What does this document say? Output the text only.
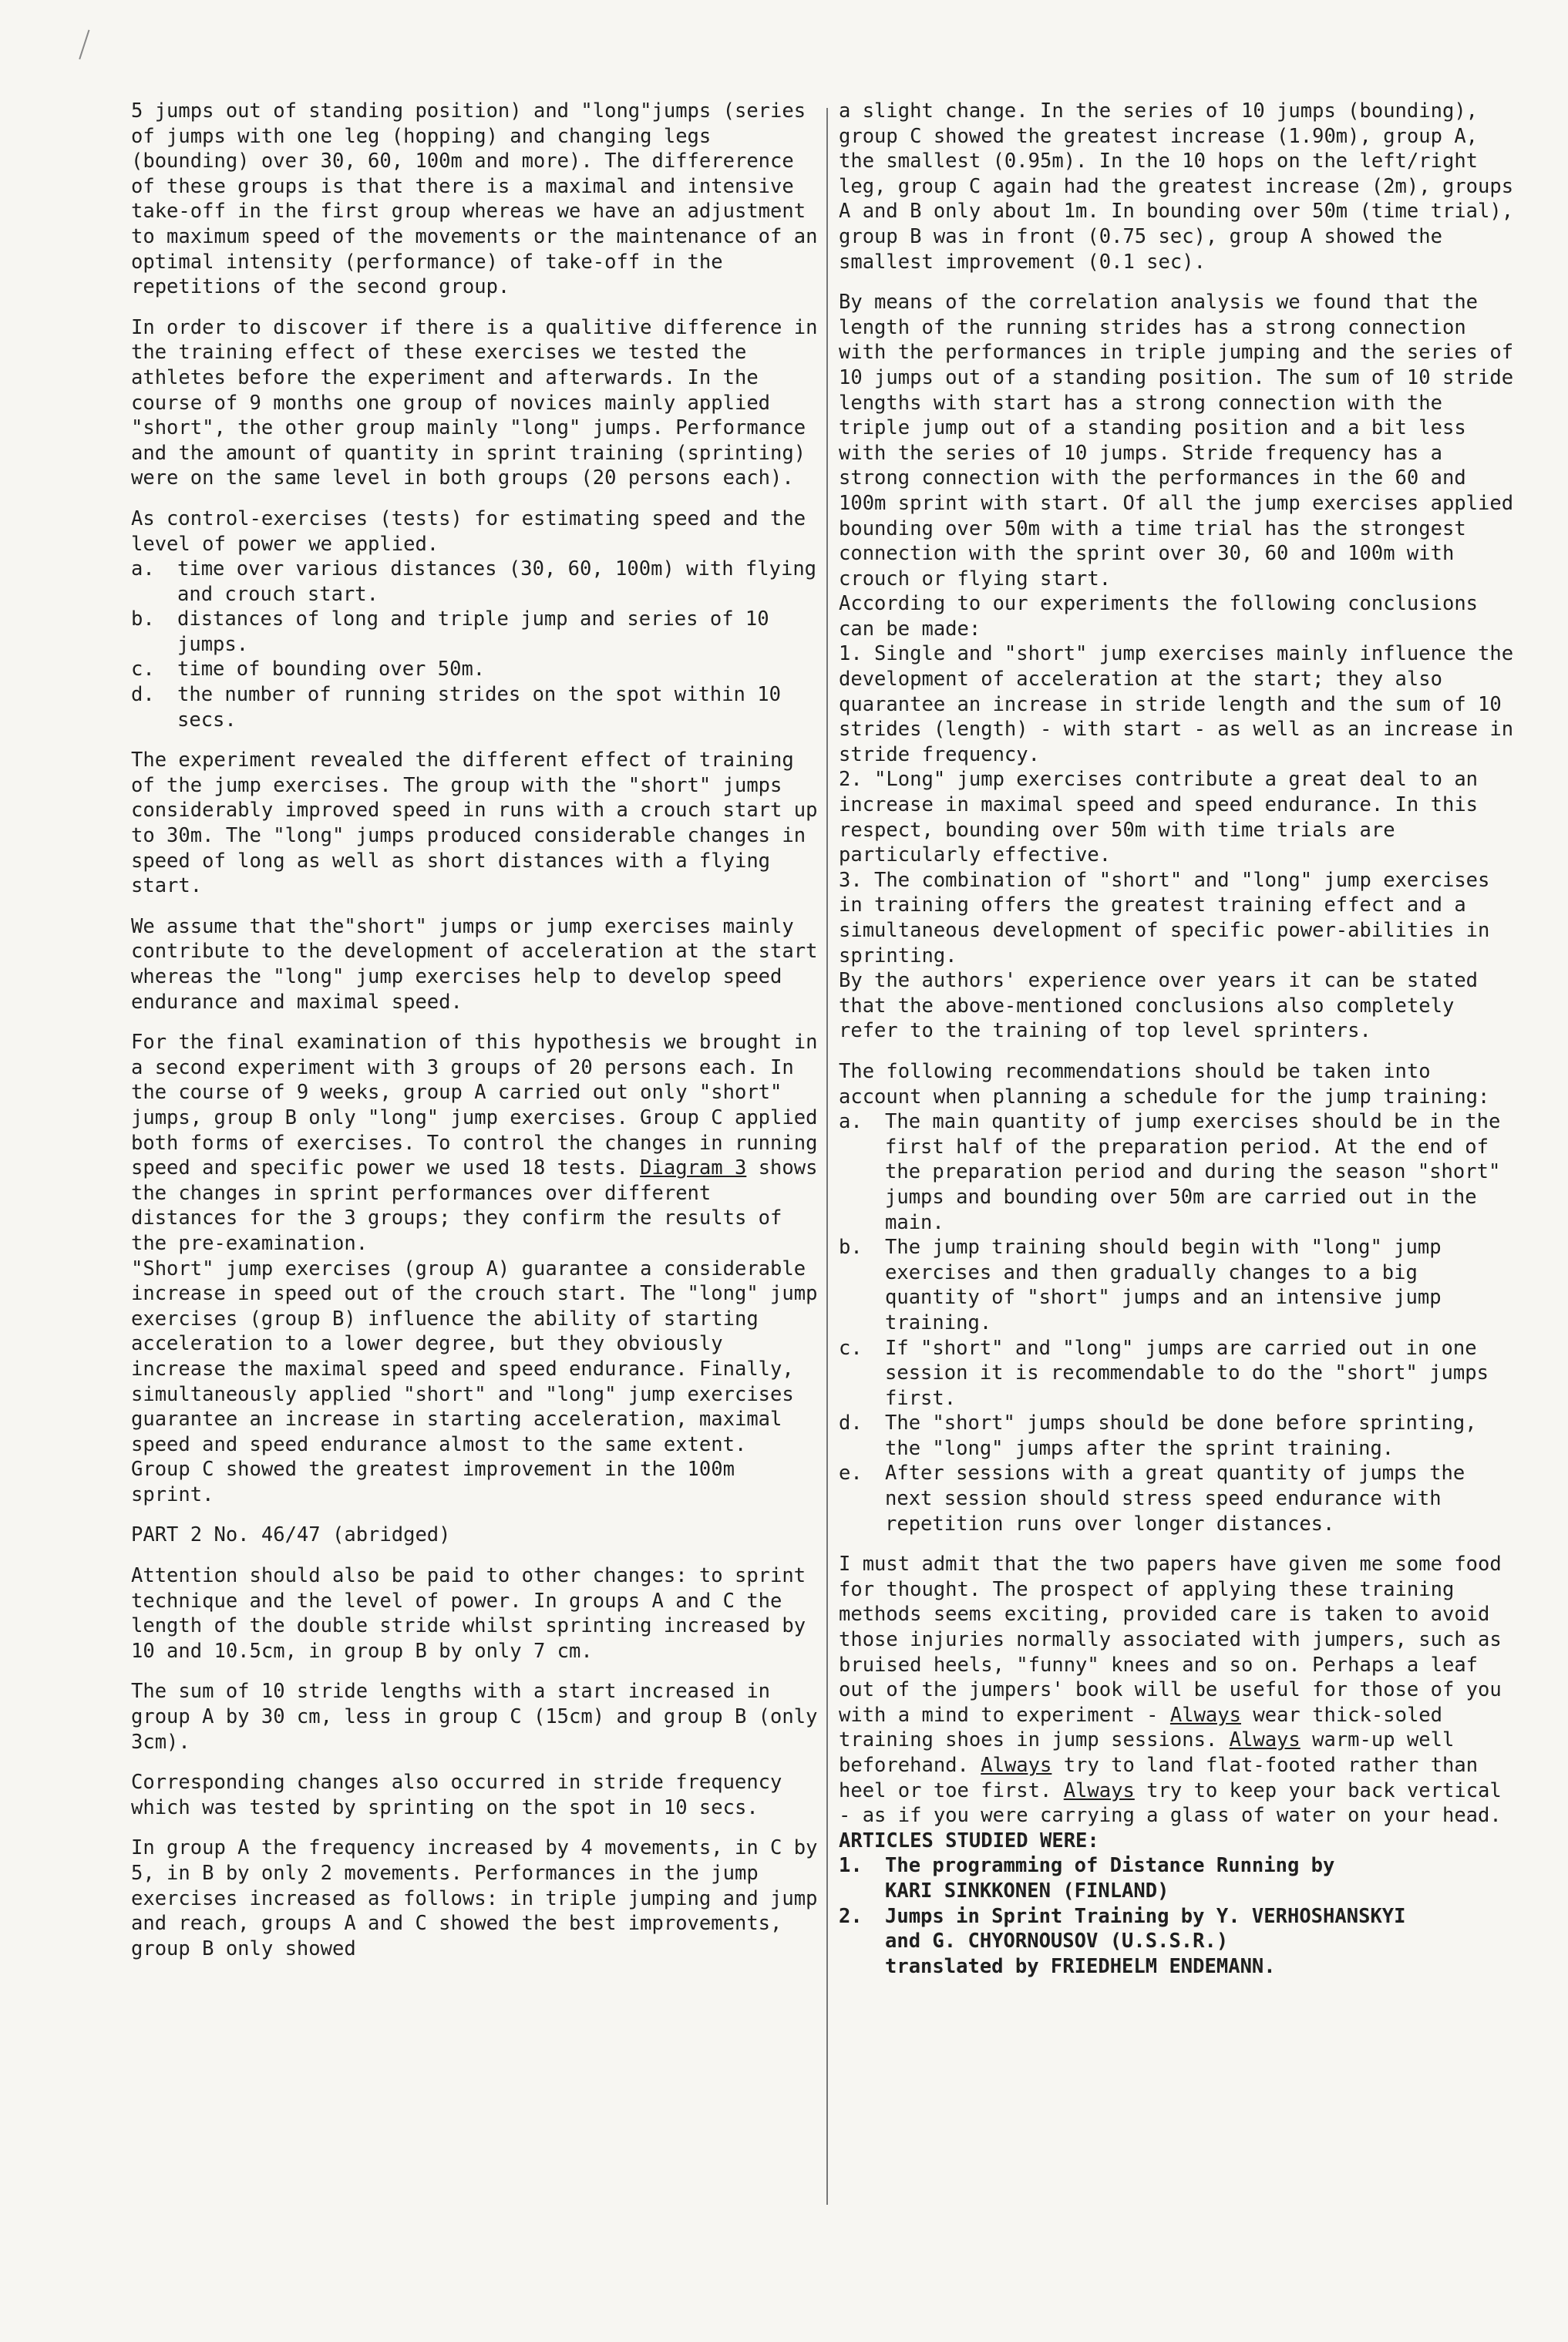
5 jumps out of standing position) and "long"jumps (series of jumps with one leg (hopping) and changing legs (bounding) over 30, 60, 100m and more). The differerence of these groups is that there is a maximal and intensive take-off in the first group whereas we have an adjustment to maximum speed of the movements or the maintenance of an optimal intensity (performance) of take-off in the repetitions of the second group.

In order to discover if there is a qualitive difference in the training effect of these exercises we tested the athletes before the experiment and afterwards. In the course of 9 months one group of novices mainly applied "short", the other group mainly "long" jumps. Performance and the amount of quantity in sprint training (sprinting) were on the same level in both groups (20 persons each).

As control-exercises (tests) for estimating speed and the level of power we applied.

a.	time over various distances (30, 60, 100m) with flying and crouch start.
b.	distances of long and triple jump and series of 10 jumps.
c.	time of bounding over 50m.
d.	the number of running strides on the spot within 10 secs.

The experiment revealed the different effect of training of the jump exercises. The group with the "short" jumps considerably improved speed in runs with a crouch start up to 30m. The "long" jumps produced considerable changes in speed of long as well as short distances with a flying start.

We assume that the"short" jumps or jump exercises mainly contribute to the development of acceleration at the start whereas the "long" jump exercises help to develop speed endurance and maximal speed.

For the final examination of this hypothesis we brought in a second experiment with 3 groups of 20 persons each. In the course of 9 weeks, group A carried out only "short" jumps, group B only "long" jump exercises. Group C applied both forms of exercises. To control the changes in running speed and specific power we used 18 tests. Diagram 3 shows the changes in sprint performances over different distances for the 3 groups; they confirm the results of the pre-examination.
"Short" jump exercises (group A) guarantee a considerable increase in speed out of the crouch start. The "long" jump exercises (group B) influence the ability of starting acceleration to a lower degree, but they obviously increase the maximal speed and speed endurance. Finally, simultaneously applied "short" and "long" jump exercises guarantee an increase in starting acceleration, maximal speed and speed endurance almost to the same extent.
Group C showed the greatest improvement in the 100m sprint.

PART 2 No. 46/47 (abridged)

Attention should also be paid to other changes: to sprint technique and the level of power. In groups A and C the length of the double stride whilst sprinting increased by 10 and 10.5cm, in group B by only 7 cm.

The sum of 10 stride lengths with a start increased in group A by 30 cm, less in group C (15cm) and group B (only 3cm).

Corresponding changes also occurred in stride frequency which was tested by sprinting on the spot in 10 secs.

In group A the frequency increased by 4 movements, in C by 5, in B by only 2 movements. Performances in the jump exercises increased as follows: in triple jumping and jump and reach, groups A and C showed the best improvements, group B only showed

a slight change. In the series of 10 jumps (bounding), group C showed the greatest increase (1.90m), group A, the smallest (0.95m). In the 10 hops on the left/right leg, group C again had the greatest increase (2m), groups A and B only about 1m. In bounding over 50m (time trial), group B was in front (0.75 sec), group A showed the smallest improvement (0.1 sec).

By means of the correlation analysis we found that the length of the running strides has a strong connection with the performances in triple jumping and the series of 10 jumps out of a standing position. The sum of 10 stride lengths with start has a strong connection with the triple jump out of a standing position and a bit less with the series of 10 jumps. Stride frequency has a strong connection with the performances in the 60 and 100m sprint with start. Of all the jump exercises applied bounding over 50m with a time trial has the strongest connection with the sprint over 30, 60 and 100m with crouch or flying start.

According to our experiments the following conclusions can be made:

1. Single and "short" jump exercises mainly influence the development of acceleration at the start; they also quarantee an increase in stride length and the sum of 10 strides (length) - with start - as well as an increase in stride frequency.

2. "Long" jump exercises contribute a great deal to an increase in maximal speed and speed endurance. In this respect, bounding over 50m with time trials are particularly effective.

3. The combination of "short" and "long" jump exercises in training offers the greatest training effect and a simultaneous development of specific power-abilities in sprinting.

By the authors' experience over years it can be stated that the above-mentioned conclusions also completely refer to the training of top level sprinters.

The following recommendations should be taken into account when planning a schedule for the jump training:

a.	The main quantity of jump exercises should be in the first half of the preparation period. At the end of the preparation period and during the season "short" jumps and bounding over 50m are carried out in the main.
b.	The jump training should begin with "long" jump exercises and then gradually changes to a big quantity of "short" jumps and an intensive jump training.
c.	If "short" and "long" jumps are carried out in one session it is recommendable to do the "short" jumps first.
d.	The "short" jumps should be done before sprinting, the "long" jumps after the sprint training.
e.	After sessions with a great quantity of jumps the next session should stress speed endurance with repetition runs over longer distances.

I must admit that the two papers have given me some food for thought. The prospect of applying these training methods seems exciting, provided care is taken to avoid those injuries normally associated with jumpers, such as bruised heels, "funny" knees and so on. Perhaps a leaf out of the jumpers' book will be useful for those of you with a mind to experiment - Always wear thick-soled training shoes in jump sessions. Always warm-up well beforehand. Always try to land flat-footed rather than heel or toe first. Always try to keep your back vertical - as if you were carrying a glass of water on your head.

ARTICLES STUDIED WERE:

1.	The programming of Distance Running by
KARI SINKKONEN (FINLAND)
2.	Jumps in Sprint Training by Y. VERHOSHANSKYI
and G. CHYORNOUSOV (U.S.S.R.)
translated by FRIEDHELM ENDEMANN.
